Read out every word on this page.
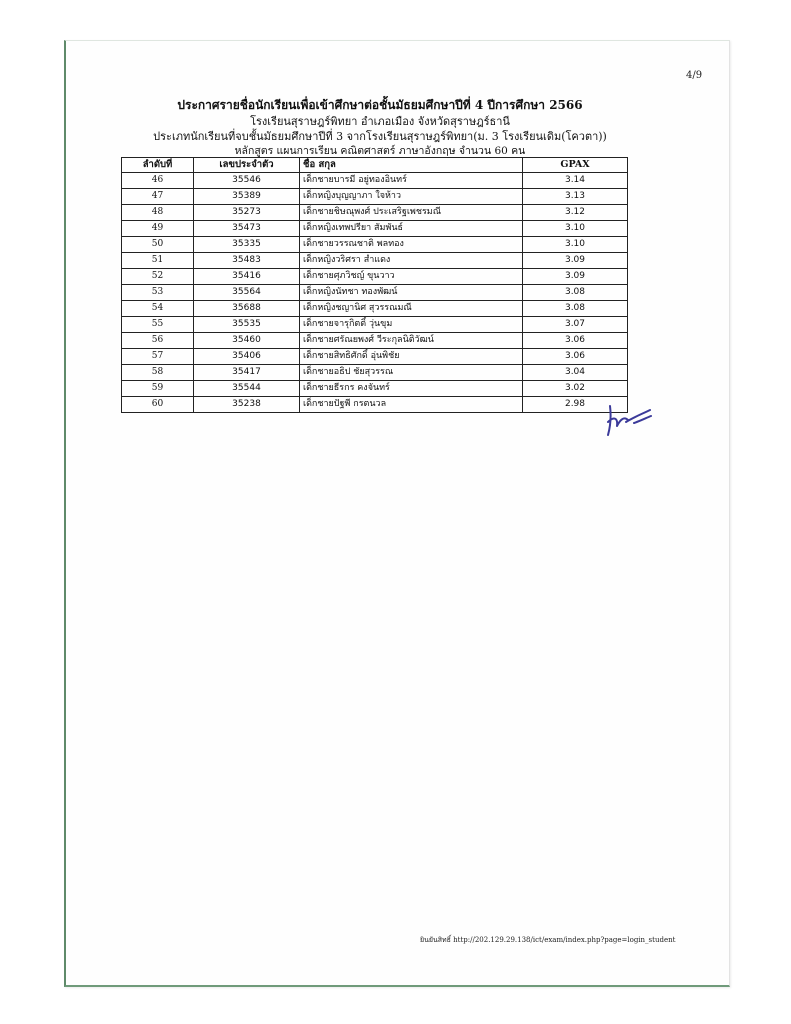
4/9
ประกาศรายชื่อนักเรียนเพื่อเข้าศึกษาต่อชั้นมัธยมศึกษาปีที่ 4 ปีการศึกษา 2566
โรงเรียนสุราษฎร์พิทยา อำเภอเมือง จังหวัดสุราษฎร์ธานี
ประเภทนักเรียนที่จบชั้นมัธยมศึกษาปีที่ 3 จากโรงเรียนสุราษฎร์พิทยา(ม. 3 โรงเรียนเดิม(โควตา))
หลักสูตร แผนการเรียน คณิตศาสตร์ ภาษาอังกฤษ จำนวน 60 คน
ลำดับที่	เลขประจำตัว	ชื่อ สกุล	GPAX
46	35546	เด็กชายบารมี อยู่ทองอินทร์	3.14
47	35389	เด็กหญิงบุญญาภา ใจห้าว	3.13
48	35273	เด็กชายชิษณุพงศ์ ประเสริฐเพชรมณี	3.12
49	35473	เด็กหญิงเทพปรียา สัมพันธ์	3.10
50	35335	เด็กชายวรรณชาติ พลทอง	3.10
51	35483	เด็กหญิงวริศรา สำแดง	3.09
52	35416	เด็กชายศุภวิชญ์ ขุนวาว	3.09
53	35564	เด็กหญิงนัทชา ทองพัฒน์	3.08
54	35688	เด็กหญิงชญานิศ สุวรรณมณี	3.08
55	35535	เด็กชายจารุกิตติ์ วุ่นขุม	3.07
56	35460	เด็กชายศรัณยพงศ์ วีระกุลนิติวัฒน์	3.06
57	35406	เด็กชายสิทธิศักดิ์ อุ่นพิชัย	3.06
58	35417	เด็กชายอธิป ชัยสุวรรณ	3.04
59	35544	เด็กชายธีรกร คงจันทร์	3.02
60	35238	เด็กชายปัฐพี กรตนวล	2.98
ยินยันสิทธิ์ http://202.129.29.138/ict/exam/index.php?page=login_student
